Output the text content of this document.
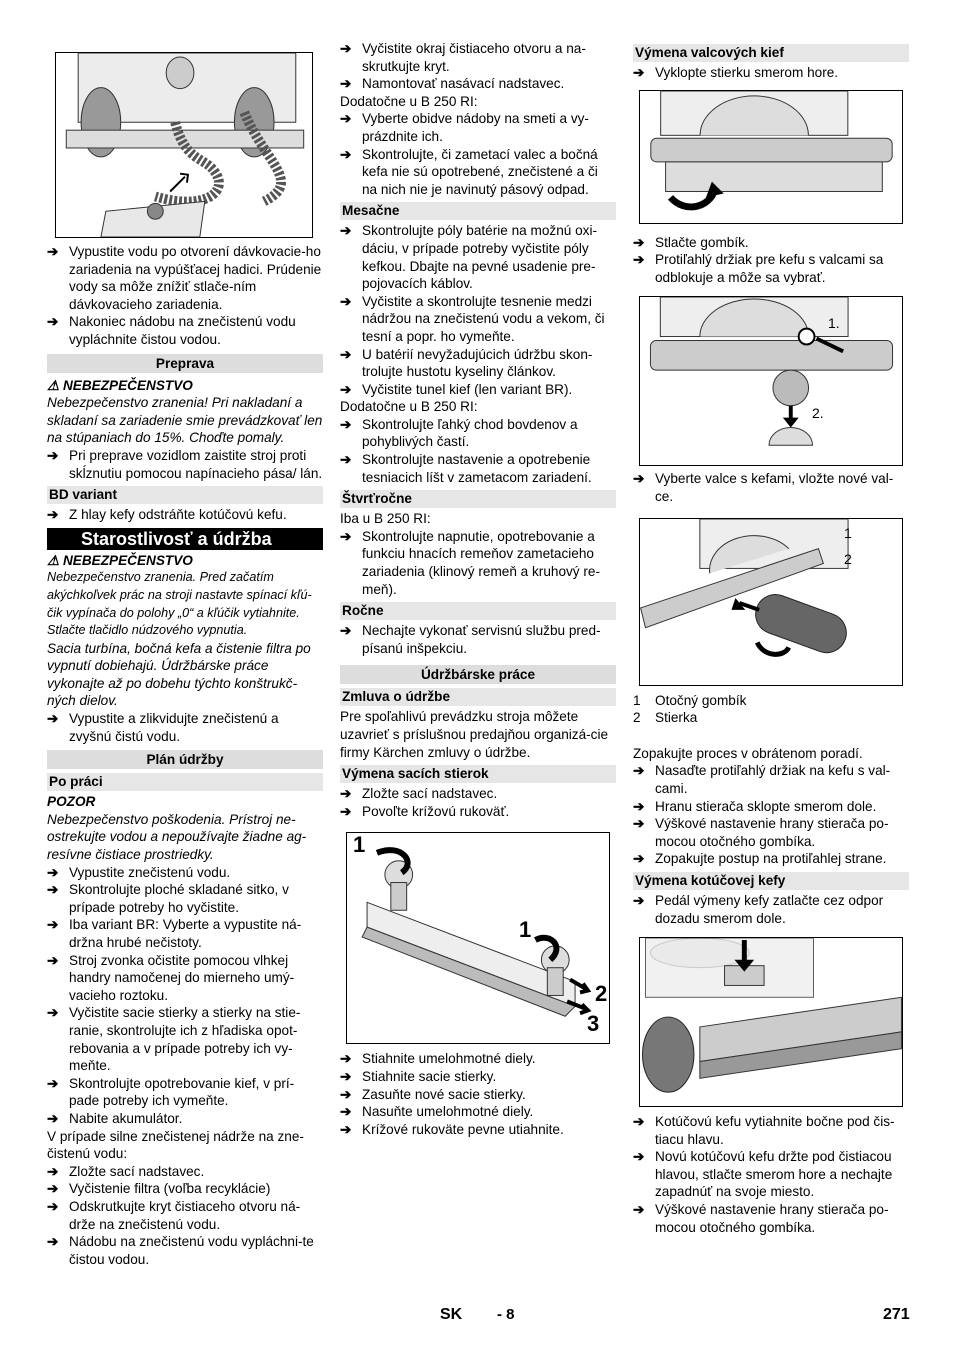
➔ Vypustite vodu po otvorení dávkovacie-ho zariadenia na vypúšťacej hadici. Prúdenie vody sa môže znížiť stlače-ním dávkovacieho zariadenia.

➔ Nakoniec nádobu na znečistenú vodu vypláchnite čistou vodou.

Preprava

⚠ NEBEZPEČENSTVO

Nebezpečenstvo zranenia! Pri nakladaní a skladaní sa zariadenie smie prevádzkovať len na stúpaniach do 15%. Choďte pomaly.

➔ Pri preprave vozidlom zaistite stroj proti skĺznutiu pomocou napínacieho pása/ lán.

BD variant

➔ Z hlay kefy odstráňte kotúčovú kefu.

Starostlivosť a údržba

⚠ NEBEZPEČENSTVO

Nebezpečenstvo zranenia. Pred začatím akýchkoľvek prác na stroji nastavte spínací kľú-čik vypínača do polohy „0“ a kľúčik vytiahnite. Stlačte tlačidlo núdzového vypnutia.

Sacia turbína, bočná kefa a čistenie filtra po vypnutí dobiehajú. Údržbárske práce vykonajte až po dobehu týchto konštrukč-ných dielov.

➔ Vypustite a zlikvidujte znečistenú a zvyšnú čistú vodu.

Plán údržby
Po práci

POZOR

Nebezpečenstvo poškodenia. Prístroj ne-ostrekujte vodou a nepoužívajte žiadne ag-resívne čistiace prostriedky.

➔ Vypustite znečistenú vodu.

➔ Skontrolujte ploché skladané sitko, v prípade potreby ho vyčistite.

➔ Iba variant BR: Vyberte a vypustite ná-držna hrubé nečistoty.

➔ Stroj zvonka očistite pomocou vlhkej handry namočenej do mierneho umý-vacieho roztoku.

➔ Vyčistite sacie stierky a stierky na stie-ranie, skontrolujte ich z hľadiska opot-rebovania a v prípade potreby ich vy-meňte.

➔ Skontrolujte opotrebovanie kief, v prí-pade potreby ich vymeňte.

➔ Nabite akumulátor.

V prípade silne znečistenej nádrže na zne-čistenú vodu:

➔ Zložte sací nadstavec.

➔ Vyčistenie filtra (voľba recyklácie)

➔ Odskrutkujte kryt čistiaceho otvoru ná-drže na znečistenú vodu.

➔ Nádobu na znečistenú vodu vypláchni-te čistou vodou.

➔ Vyčistite okraj čistiaceho otvoru a na-skrutkujte kryt.

➔ Namontovať nasávací nadstavec.

Dodatočne u B 250 RI:

➔ Vyberte obidve nádoby na smeti a vy-prázdnite ich.

➔ Skontrolujte, či zametací valec a bočná kefa nie sú opotrebené, znečistené a či na nich nie je navinutý pásový odpad.

Mesačne

➔ Skontrolujte póly batérie na možnú oxi-dáciu, v prípade potreby vyčistite póly kefkou. Dbajte na pevné usadenie pre-pojovacích káblov.

➔ Vyčistite a skontrolujte tesnenie medzi nádržou na znečistenú vodu a vekom, či tesní a popr. ho vymeňte.

➔ U batérií nevyžadujúcich údržbu skon-trolujte hustotu kyseliny článkov.

➔ Vyčistite tunel kief (len variant BR).

Dodatočne u B 250 RI:

➔ Skontrolujte ľahký chod bovdenov a pohyblivých častí.

➔ Skontrolujte nastavenie a opotrebenie tesniacich líšt v zametacom zariadení.

Štvrťročne

Iba u B 250 RI:

➔ Skontrolujte napnutie, opotrebovanie a funkciu hnacích remeňov zametacieho zariadenia (klinový remeň a kruhový re-meň).

Ročne

➔ Nechajte vykonať servisnú službu pred-písanú inšpekciu.

Údržbárske práce
Zmluva o údržbe

Pre spoľahlivú prevádzku stroja môžete uzavrieť s príslušnou predajňou organizá-cie firmy Kärchen zmluvy o údržbe.

Výmena sacích stierok

➔ Zložte sací nadstavec.

➔ Povoľte krížovú rukoväť.

1
1
2
3

➔ Stiahnite umelohmotné diely.

➔ Stiahnite sacie stierky.

➔ Zasuňte nové sacie stierky.

➔ Nasuňte umelohmotné diely.

➔ Krížové rukoväte pevne utiahnite.

Výmena valcových kief

➔ Vyklopte stierku smerom hore.

➔ Stlačte gombík.

➔ Protiľahlý držiak pre kefu s valcami sa odblokuje a môže sa vybrať.

1.
2.

➔ Vyberte valce s kefami, vložte nové val-ce.

1
2
1	Otočný gombík
2	Stierka

Zopakujte proces v obrátenom poradí.

➔ Nasaďte protiľahlý držiak na kefu s val-cami.

➔ Hranu stierača sklopte smerom dole.

➔ Výškové nastavenie hrany stierača po-mocou otočného gombíka.

➔ Zopakujte postup na protiľahlej strane.

Výmena kotúčovej kefy

➔ Pedál výmeny kefy zatlačte cez odpor dozadu smerom dole.

➔ Kotúčovú kefu vytiahnite bočne pod čis-tiacu hlavu.

➔ Novú kotúčovú kefu držte pod čistiacou hlavou, stlačte smerom hore a nechajte zapadnúť na svoje miesto.

➔ Výškové nastavenie hrany stierača po-mocou otočného gombíka.

SK - 8	271
